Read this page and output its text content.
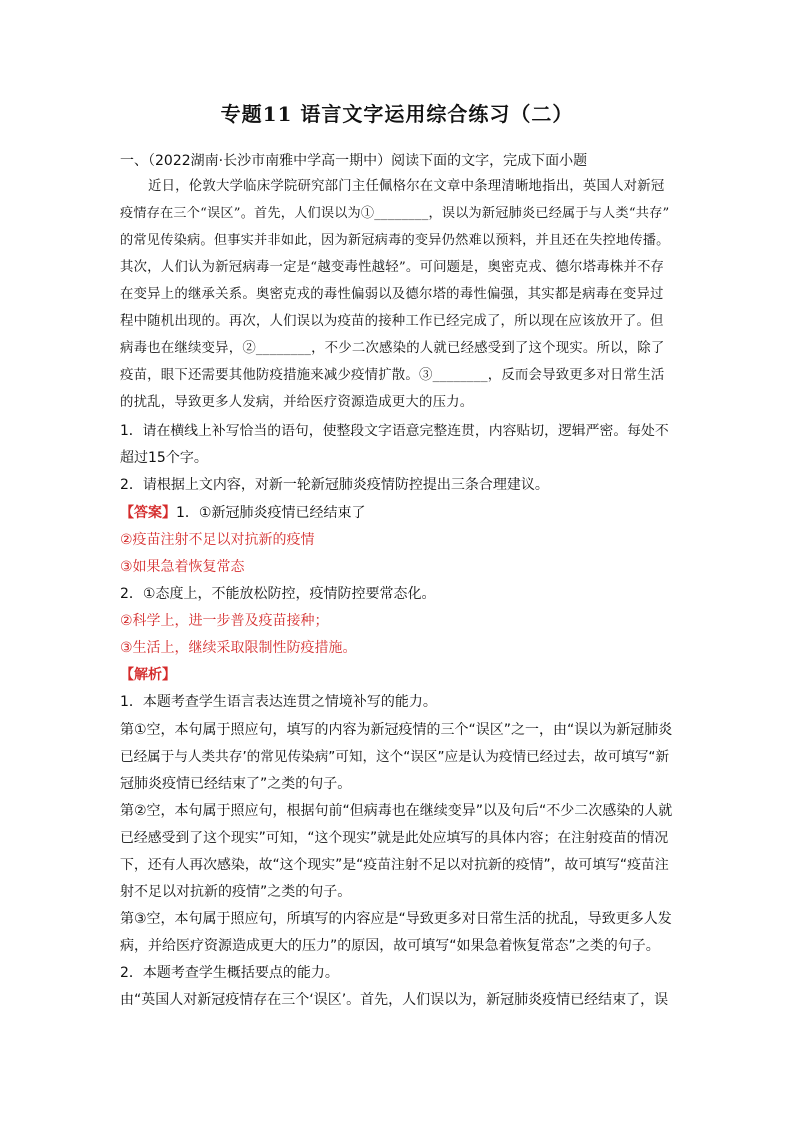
专题11 语言文字运用综合练习（二）
一、（2022湖南·长沙市南雅中学高一期中）阅读下面的文字，完成下面小题
近日，伦敦大学临床学院研究部门主任佩格尔在文章中条理清晰地指出，英国人对新冠
疫情存在三个“误区”。首先，人们误以为①________，误以为新冠肺炎已经属于与人类“共存”
的常见传染病。但事实并非如此，因为新冠病毒的变异仍然难以预料，并且还在失控地传播。
其次，人们认为新冠病毒一定是“越变毒性越轻”。可问题是，奥密克戎、德尔塔毒株并不存
在变异上的继承关系。奥密克戎的毒性偏弱以及德尔塔的毒性偏强，其实都是病毒在变异过
程中随机出现的。再次，人们误以为疫苗的接种工作已经完成了，所以现在应该放开了。但
病毒也在继续变异，②________，不少二次感染的人就已经感受到了这个现实。所以，除了
疫苗，眼下还需要其他防疫措施来减少疫情扩散。③________，反而会导致更多对日常生活
的扰乱，导致更多人发病，并给医疗资源造成更大的压力。
1．请在横线上补写恰当的语句，使整段文字语意完整连贯，内容贴切，逻辑严密。每处不
超过15个字。
2．请根据上文内容，对新一轮新冠肺炎疫情防控提出三条合理建议。
【答案】1．①新冠肺炎疫情已经结束了
②疫苗注射不足以对抗新的疫情
③如果急着恢复常态
2．①态度上，不能放松防控，疫情防控要常态化。
②科学上，进一步普及疫苗接种；
③生活上，继续采取限制性防疫措施。
【解析】
1．本题考查学生语言表达连贯之情境补写的能力。
第①空，本句属于照应句，填写的内容为新冠疫情的三个“误区”之一，由“误以为新冠肺炎
已经属于与人类共存’的常见传染病”可知，这个“误区”应是认为疫情已经过去，故可填写“新
冠肺炎疫情已经结束了”之类的句子。
第②空，本句属于照应句，根据句前“但病毒也在继续变异”以及句后“不少二次感染的人就
已经感受到了这个现实”可知，“这个现实”就是此处应填写的具体内容；在注射疫苗的情况
下，还有人再次感染，故“这个现实”是“疫苗注射不足以对抗新的疫情”，故可填写“疫苗注
射不足以对抗新的疫情”之类的句子。
第③空，本句属于照应句，所填写的内容应是“导致更多对日常生活的扰乱，导致更多人发
病，并给医疗资源造成更大的压力”的原因，故可填写“如果急着恢复常态”之类的句子。
2．本题考查学生概括要点的能力。
由“英国人对新冠疫情存在三个‘误区’。首先，人们误以为，新冠肺炎疫情已经结束了，误
